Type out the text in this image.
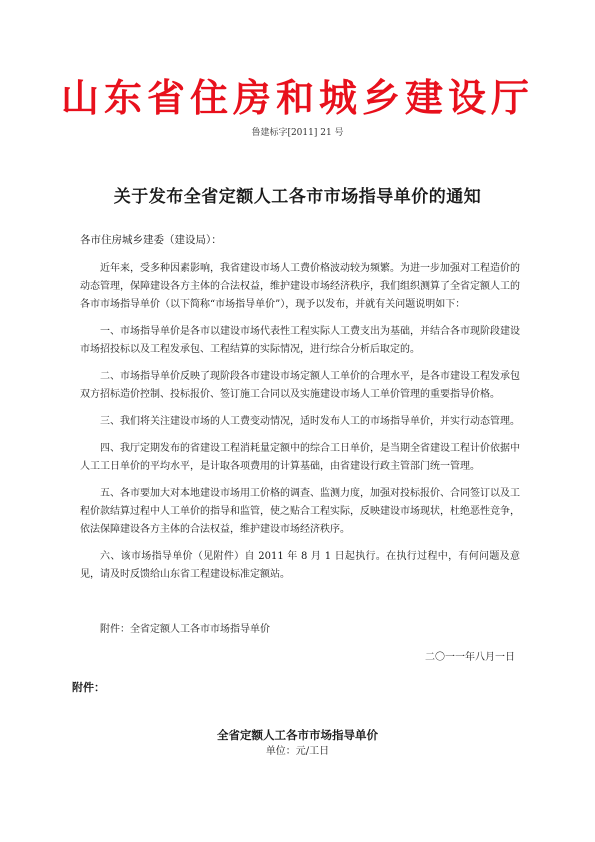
山东省住房和城乡建设厅
鲁建标字[2011] 21 号
关于发布全省定额人工各市市场指导单价的通知
各市住房城乡建委（建设局）：

近年来，受多种因素影响，我省建设市场人工费价格波动较为频繁。为进一步加强对工程造价的动态管理，保障建设各方主体的合法权益，维护建设市场经济秩序，我们组织测算了全省定额人工的各市市场指导单价（以下简称“市场指导单价”），现予以发布，并就有关问题说明如下：

一、市场指导单价是各市以建设市场代表性工程实际人工费支出为基础，并结合各市现阶段建设市场招投标以及工程发承包、工程结算的实际情况，进行综合分析后取定的。

二、市场指导单价反映了现阶段各市建设市场定额人工单价的合理水平，是各市建设工程发承包双方招标造价控制、投标报价、签订施工合同以及实施建设市场人工单价管理的重要指导价格。

三、我们将关注建设市场的人工费变动情况，适时发布人工的市场指导单价，并实行动态管理。

四、我厅定期发布的省建设工程消耗量定额中的综合工日单价，是当期全省建设工程计价依据中人工工日单价的平均水平，是计取各项费用的计算基础，由省建设行政主管部门统一管理。

五、各市要加大对本地建设市场用工价格的调查、监测力度，加强对投标报价、合同签订以及工程价款结算过程中人工单价的指导和监管，使之贴合工程实际，反映建设市场现状，杜绝恶性竞争，依法保障建设各方主体的合法权益，维护建设市场经济秩序。

六、该市场指导单价（见附件）自 2011 年 8 月 1 日起执行。在执行过程中，有何问题及意见，请及时反馈给山东省工程建设标准定额站。

附件：全省定额人工各市市场指导单价
二〇一一年八月一日
附件：
全省定额人工各市市场指导单价
单位：元/工日
